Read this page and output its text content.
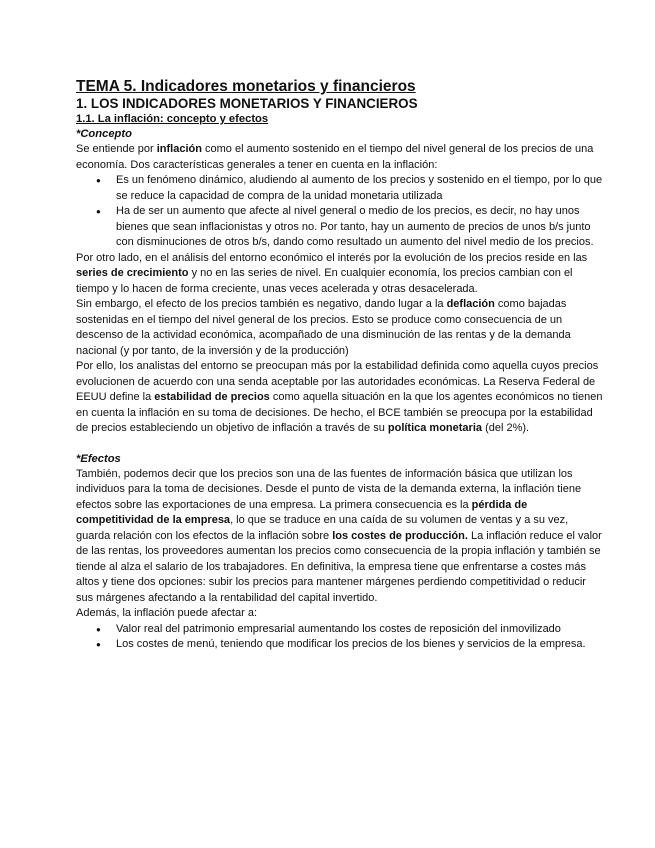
TEMA 5. Indicadores monetarios y financieros
1. LOS INDICADORES MONETARIOS Y FINANCIEROS
1.1. La inflación: concepto y efectos
*Concepto

Se entiende por inflación como el aumento sostenido en el tiempo del nivel general de los precios de una economía. Dos características generales a tener en cuenta en la inflación:

● Es un fenómeno dinámico, aludiendo al aumento de los precios y sostenido en el tiempo, por lo que se reduce la capacidad de compra de la unidad monetaria utilizada
● Ha de ser un aumento que afecte al nivel general o medio de los precios, es decir, no hay unos bienes que sean inflacionistas y otros no. Por tanto, hay un aumento de precios de unos b/s junto con disminuciones de otros b/s, dando como resultado un aumento del nivel medio de los precios.

Por otro lado, en el análisis del entorno económico el interés por la evolución de los precios reside en las series de crecimiento y no en las series de nivel. En cualquier economía, los precios cambian con el tiempo y lo hacen de forma creciente, unas veces acelerada y otras desacelerada.

Sin embargo, el efecto de los precios también es negativo, dando lugar a la deflación como bajadas sostenidas en el tiempo del nivel general de los precios. Esto se produce como consecuencia de un descenso de la actividad económica, acompañado de una disminución de las rentas y de la demanda nacional (y por tanto, de la inversión y de la producción)

Por ello, los analistas del entorno se preocupan más por la estabilidad definida como aquella cuyos precios evolucionen de acuerdo con una senda aceptable por las autoridades económicas. La Reserva Federal de EEUU define la estabilidad de precios como aquella situación en la que los agentes económicos no tienen en cuenta la inflación en su toma de decisiones. De hecho, el BCE también se preocupa por la estabilidad de precios estableciendo un objetivo de inflación a través de su política monetaria (del 2%).

*Efectos

También, podemos decir que los precios son una de las fuentes de información básica que utilizan los individuos para la toma de decisiones. Desde el punto de vista de la demanda externa, la inflación tiene efectos sobre las exportaciones de una empresa. La primera consecuencia es la pérdida de competitividad de la empresa, lo que se traduce en una caída de su volumen de ventas y a su vez, guarda relación con los efectos de la inflación sobre los costes de producción. La inflación reduce el valor de las rentas, los proveedores aumentan los precios como consecuencia de la propia inflación y también se tiende al alza el salario de los trabajadores. En definitiva, la empresa tiene que enfrentarse a costes más altos y tiene dos opciones: subir los precios para mantener márgenes perdiendo competitividad o reducir sus márgenes afectando a la rentabilidad del capital invertido.

Además, la inflación puede afectar a:

● Valor real del patrimonio empresarial aumentando los costes de reposición del inmovilizado
● Los costes de menú, teniendo que modificar los precios de los bienes y servicios de la empresa.
